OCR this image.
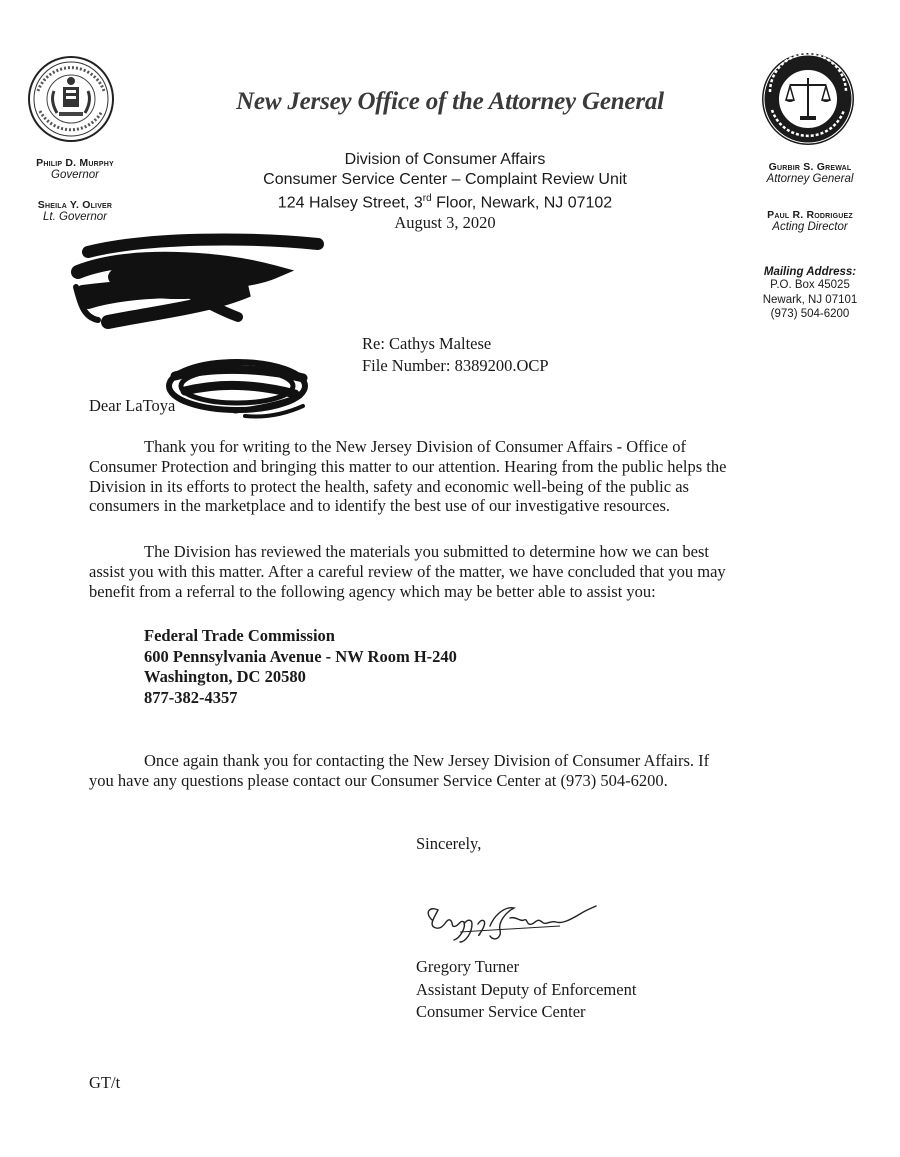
New Jersey Office of the Attorney General
Philip D. Murphy
Governor
Sheila Y. Oliver
Lt. Governor
Gurbir S. Grewal
Attorney General
Paul R. Rodriguez
Acting Director
Mailing Address:
P.O. Box 45025
Newark, NJ 07101
(973) 504-6200
Division of Consumer Affairs
Consumer Service Center – Complaint Review Unit
124 Halsey Street, 3rd Floor, Newark, NJ 07102
August 3, 2020
Re: Cathys Maltese
File Number: 8389200.OCP
Dear LaToya
Thank you for writing to the New Jersey Division of Consumer Affairs - Office of
Consumer Protection and bringing this matter to our attention. Hearing from the public helps the
Division in its efforts to protect the health, safety and economic well-being of the public as
consumers in the marketplace and to identify the best use of our investigative resources.
The Division has reviewed the materials you submitted to determine how we can best
assist you with this matter. After a careful review of the matter, we have concluded that you may
benefit from a referral to the following agency which may be better able to assist you:
Federal Trade Commission
600 Pennsylvania Avenue - NW Room H-240
Washington, DC 20580
877-382-4357
Once again thank you for contacting the New Jersey Division of Consumer Affairs. If
you have any questions please contact our Consumer Service Center at (973) 504-6200.
Sincerely,
Gregory Turner
Assistant Deputy of Enforcement
Consumer Service Center
GT/t
